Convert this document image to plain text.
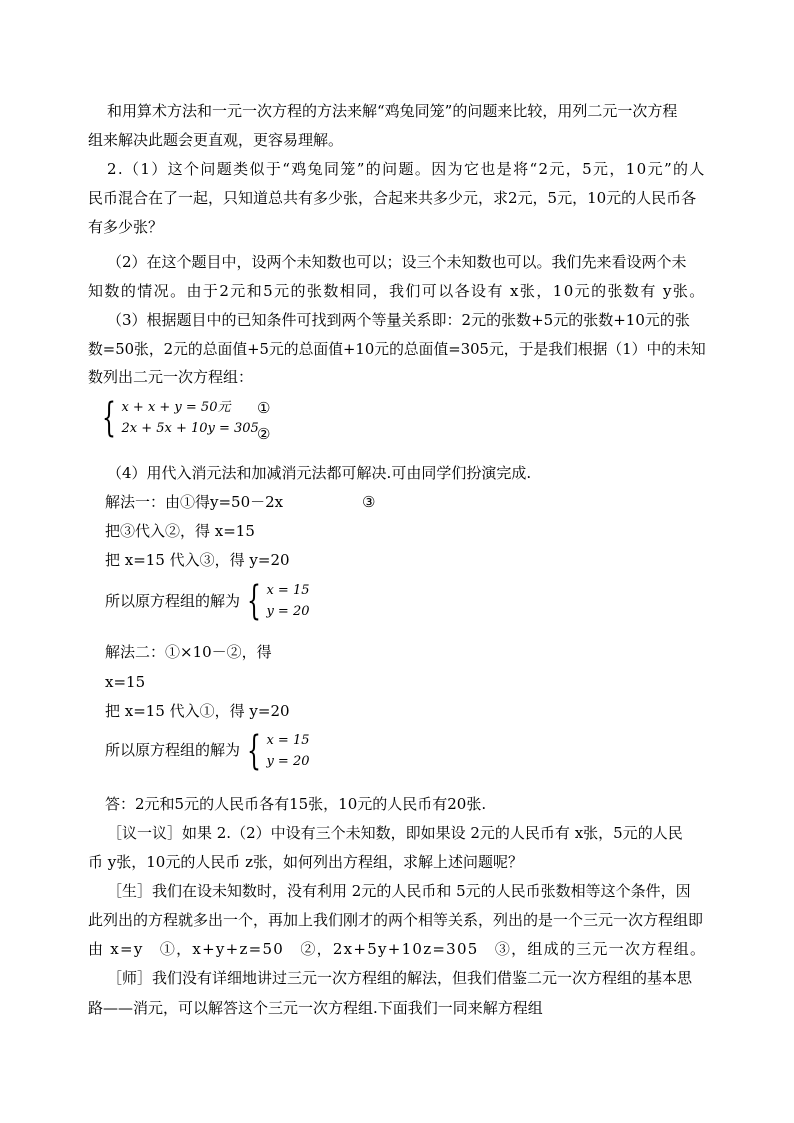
和用算术方法和一元一次方程的方法来解“鸡兔同笼”的问题来比较，用列二元一次方程
组来解决此题会更直观，更容易理解。
2.（1）这个问题类似于“鸡兔同笼”的问题。因为它也是将“2元，5元，10元”的人
民币混合在了一起，只知道总共有多少张，合起来共多少元，求2元，5元，10元的人民币各
有多少张？
（2）在这个题目中，设两个未知数也可以；设三个未知数也可以。我们先来看设两个未
知数的情况。由于2元和5元的张数相同，我们可以各设有 x张，10元的张数有 y张。
（3）根据题目中的已知条件可找到两个等量关系即：2元的张数+5元的张数+10元的张
数=50张，2元的总面值+5元的总面值+10元的总面值=305元，于是我们根据（1）中的未知
数列出二元一次方程组：
{ x + x + y = 50元
2x + 5x + 10y = 305
①
②
（4）用代入消元法和加减消元法都可解决.可由同学们扮演完成.
解法一：由①得y=50－2x	③
把③代入②，得 x=15
把 x=15 代入③，得 y=20
所以原方程组的解为 { x = 15
y = 20
解法二：①×10－②，得
x=15
把 x=15 代入①，得 y=20
所以原方程组的解为 { x = 15
y = 20
答：2元和5元的人民币各有15张，10元的人民币有20张.
［议一议］如果 2.（2）中设有三个未知数，即如果设 2元的人民币有 x张，5元的人民
币 y张，10元的人民币 z张，如何列出方程组，求解上述问题呢？
［生］我们在设未知数时，没有利用 2元的人民币和 5元的人民币张数相等这个条件，因
此列出的方程就多出一个，再加上我们刚才的两个相等关系，列出的是一个三元一次方程组即
由 x=y　①，x+y+z=50　②，2x+5y+10z=305　③，组成的三元一次方程组。
［师］我们没有详细地讲过三元一次方程组的解法，但我们借鉴二元一次方程组的基本思
路——消元，可以解答这个三元一次方程组.下面我们一同来解方程组
